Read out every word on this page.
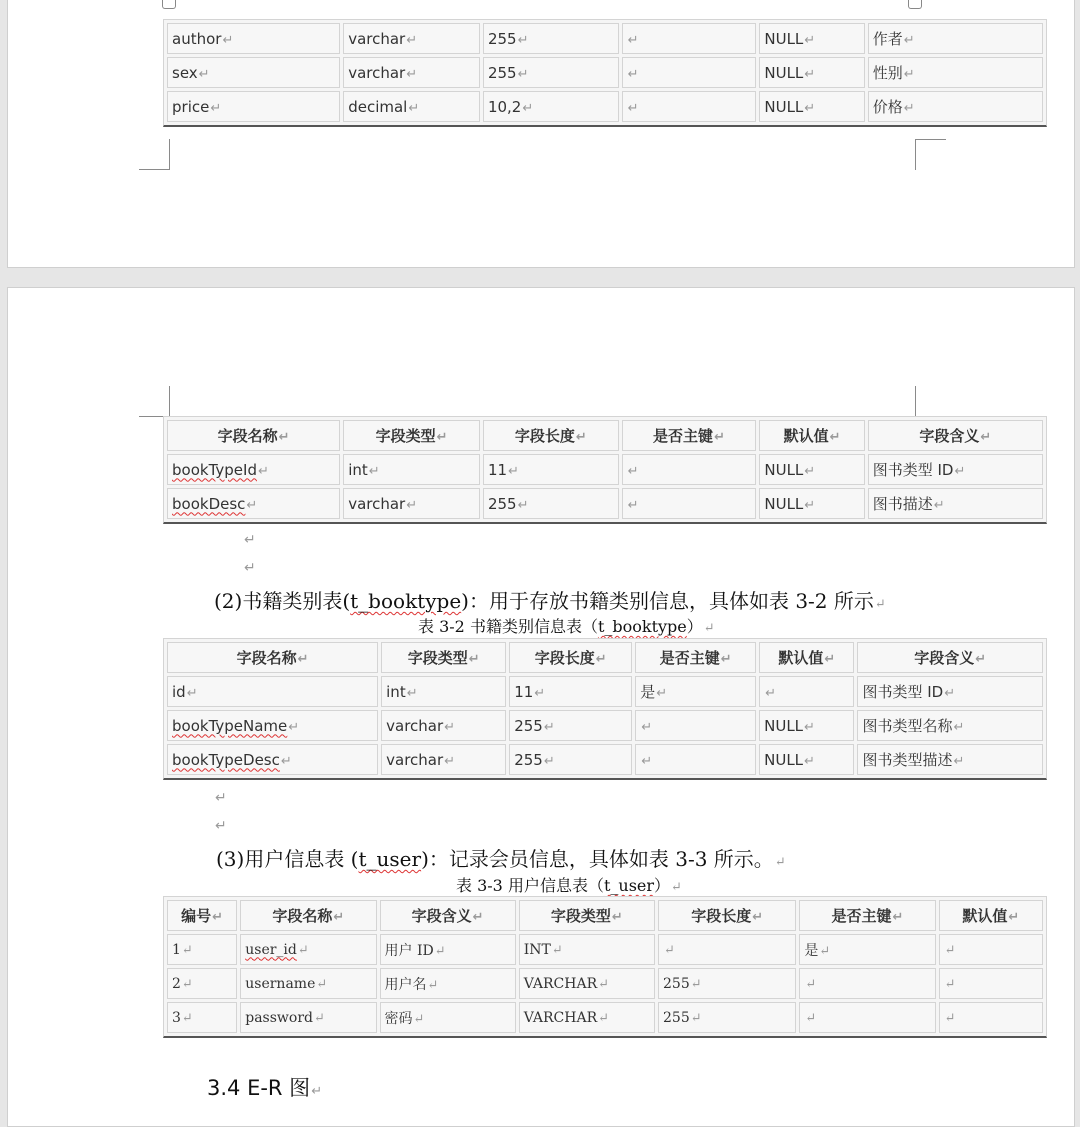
author↵	varchar↵	255↵	↵	NULL↵	作者↵
sex↵	varchar↵	255↵	↵	NULL↵	性别↵
price↵	decimal↵	10,2↵	↵	NULL↵	价格↵
字段名称↵	字段类型↵	字段长度↵	是否主键↵	默认值↵	字段含义↵
bookTypeId↵	int↵	11↵	↵	NULL↵	图书类型 ID↵
bookDesc↵	varchar↵	255↵	↵	NULL↵	图书描述↵
↵
↵
(2)书籍类别表(t_booktype)：用于存放书籍类别信息，具体如表 3-2 所示↵
表 3-2 书籍类别信息表（t_booktype）↵
字段名称↵	字段类型↵	字段长度↵	是否主键↵	默认值↵	字段含义↵
id↵	int↵	11↵	是↵	↵	图书类型 ID↵
bookTypeName↵	varchar↵	255↵	↵	NULL↵	图书类型名称↵
bookTypeDesc↵	varchar↵	255↵	↵	NULL↵	图书类型描述↵
↵
↵
(3)用户信息表 (t_user)：记录会员信息，具体如表 3-3 所示。↵
表 3-3 用户信息表（t_user）↵
编号↵	字段名称↵	字段含义↵	字段类型↵	字段长度↵	是否主键↵	默认值↵
1↵	user_id↵	用户 ID↵	INT↵	↵	是↵	↵
2↵	username↵	用户名↵	VARCHAR↵	255↵	↵	↵
3↵	password↵	密码↵	VARCHAR↵	255↵	↵	↵
3.4 E-R 图↵
